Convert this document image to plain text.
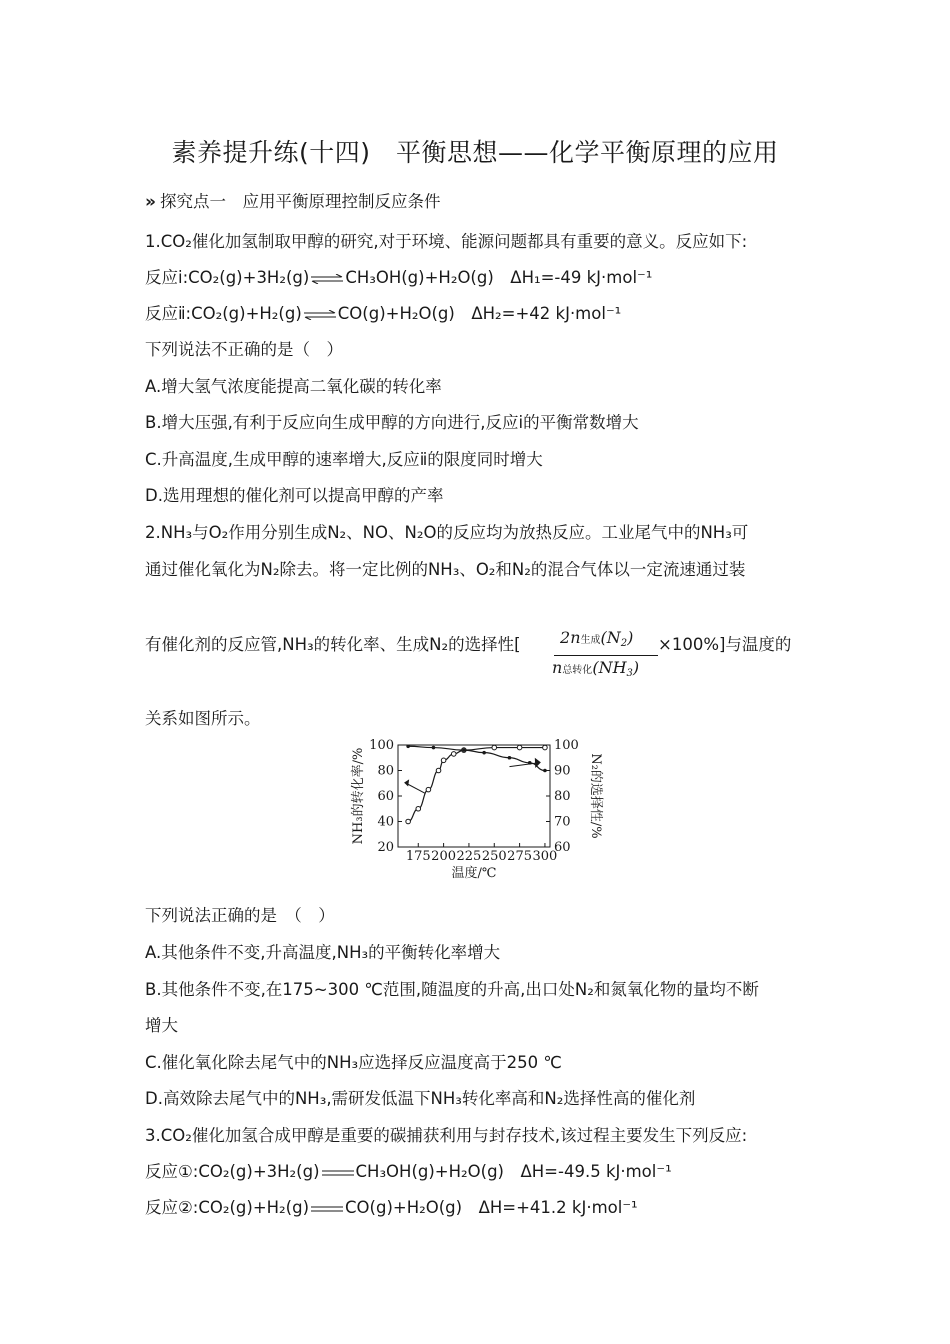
素养提升练(十四)　平衡思想——化学平衡原理的应用
» 探究点一　应用平衡原理控制反应条件
1.CO₂催化加氢制取甲醇的研究,对于环境、能源问题都具有重要的意义。反应如下:
反应ⅰ:CO₂(g)+3H₂(g)⇌CH₃OH(g)+H₂O(g)　ΔH₁=-49 kJ·mol⁻¹
反应ⅱ:CO₂(g)+H₂(g)⇌CO(g)+H₂O(g)　ΔH₂=+42 kJ·mol⁻¹
下列说法不正确的是（　）
A.增大氢气浓度能提高二氧化碳的转化率
B.增大压强,有利于反应向生成甲醇的方向进行,反应ⅰ的平衡常数增大
C.升高温度,生成甲醇的速率增大,反应ⅱ的限度同时增大
D.选用理想的催化剂可以提高甲醇的产率
2.NH₃与O₂作用分别生成N₂、NO、N₂O的反应均为放热反应。工业尾气中的NH₃可
通过催化氧化为N₂除去。将一定比例的NH₃、O₂和N₂的混合气体以一定流速通过装
有催化剂的反应管,NH₃的转化率、生成N₂的选择性[ 2n生成$(N_2)$
n总转化$(NH_3)$
×100%]与温度的
关系如图所示。
175 200 225 250 275 300
20
40
60
80
100
60
70
80
90
100
温度/℃
NH₃的转化率/%	N₂的选择性/%
下列说法正确的是　（　）
A.其他条件不变,升高温度,NH₃的平衡转化率增大
B.其他条件不变,在175~300 ℃范围,随温度的升高,出口处N₂和氮氧化物的量均不断
增大
C.催化氧化除去尾气中的NH₃应选择反应温度高于250 ℃
D.高效除去尾气中的NH₃,需研发低温下NH₃转化率高和N₂选择性高的催化剂
3.CO₂催化加氢合成甲醇是重要的碳捕获利用与封存技术,该过程主要发生下列反应:
反应①:CO₂(g)+3H₂(g) CH₃OH(g)+H₂O(g)　ΔH=-49.5 kJ·mol⁻¹
反应②:CO₂(g)+H₂(g) CO(g)+H₂O(g)　ΔH=+41.2 kJ·mol⁻¹
